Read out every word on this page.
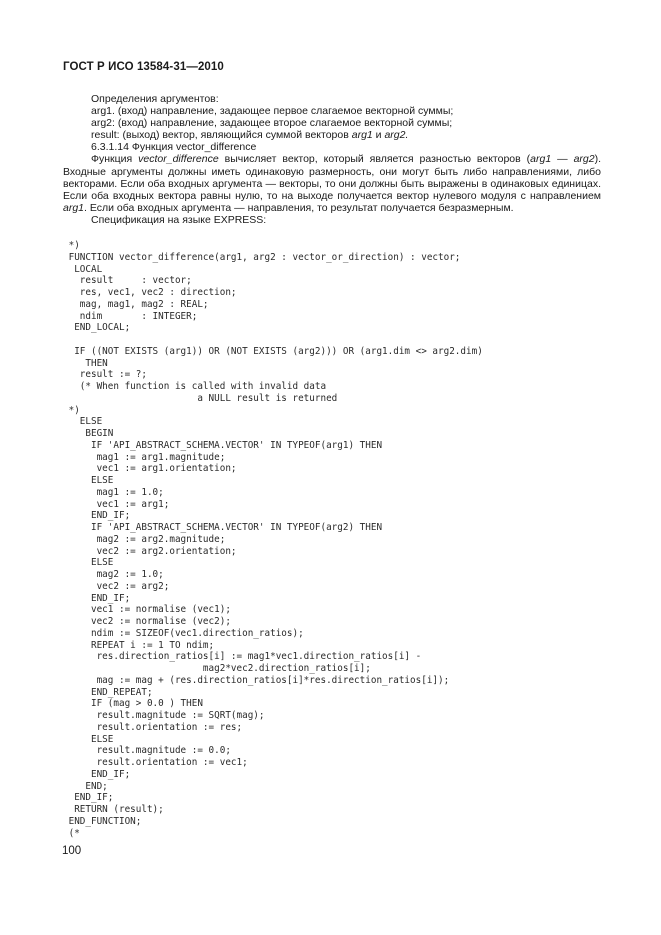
ГОСТ Р ИСО 13584-31—2010

Определения аргументов:

arg1. (вход) направление, задающее первое слагаемое векторной суммы;

arg2: (вход) направление, задающее второе слагаемое векторной суммы;

result: (выход) вектор, являющийся суммой векторов arg1 и arg2.

6.3.1.14 Функция vector_difference

Функция vector_difference вычисляет вектор, который является разностью векторов (arg1 — arg2). Входные аргументы должны иметь одинаковую размерность, они могут быть либо направлениями, либо векторами. Если оба входных аргумента — векторы, то они должны быть выражены в одинаковых единицах. Если оба входных вектора равны нулю, то на выходе получается вектор нулевого модуля с направлением arg1. Если оба входных аргумента — направления, то результат получается безразмерным.

Спецификация на языке EXPRESS:

*)
FUNCTION vector_difference(arg1, arg2 : vector_or_direction) : vector;
LOCAL
result     : vector;
res, vec1, vec2 : direction;
mag, mag1, mag2 : REAL;
ndim       : INTEGER;
END_LOCAL;
IF ((NOT EXISTS (arg1)) OR (NOT EXISTS (arg2))) OR (arg1.dim <> arg2.dim)
THEN
result := ?;
(* When function is called with invalid data
a NULL result is returned
*)
ELSE
BEGIN
IF 'API_ABSTRACT_SCHEMA.VECTOR' IN TYPEOF(arg1) THEN
mag1 := arg1.magnitude;
vec1 := arg1.orientation;
ELSE
mag1 := 1.0;
vec1 := arg1;
END_IF;
IF 'API_ABSTRACT_SCHEMA.VECTOR' IN TYPEOF(arg2) THEN
mag2 := arg2.magnitude;
vec2 := arg2.orientation;
ELSE
mag2 := 1.0;
vec2 := arg2;
END_IF;
vec1 := normalise (vec1);
vec2 := normalise (vec2);
ndim := SIZEOF(vec1.direction_ratios);
REPEAT i := 1 TO ndim;
res.direction_ratios[i] := mag1*vec1.direction_ratios[i] -
mag2*vec2.direction_ratios[i];
mag := mag + (res.direction_ratios[i]*res.direction_ratios[i]);
END_REPEAT;
IF (mag > 0.0 ) THEN
result.magnitude := SQRT(mag);
result.orientation := res;
ELSE
result.magnitude := 0.0;
result.orientation := vec1;
END_IF;
END;
END_IF;
RETURN (result);
END_FUNCTION;
(*
100
